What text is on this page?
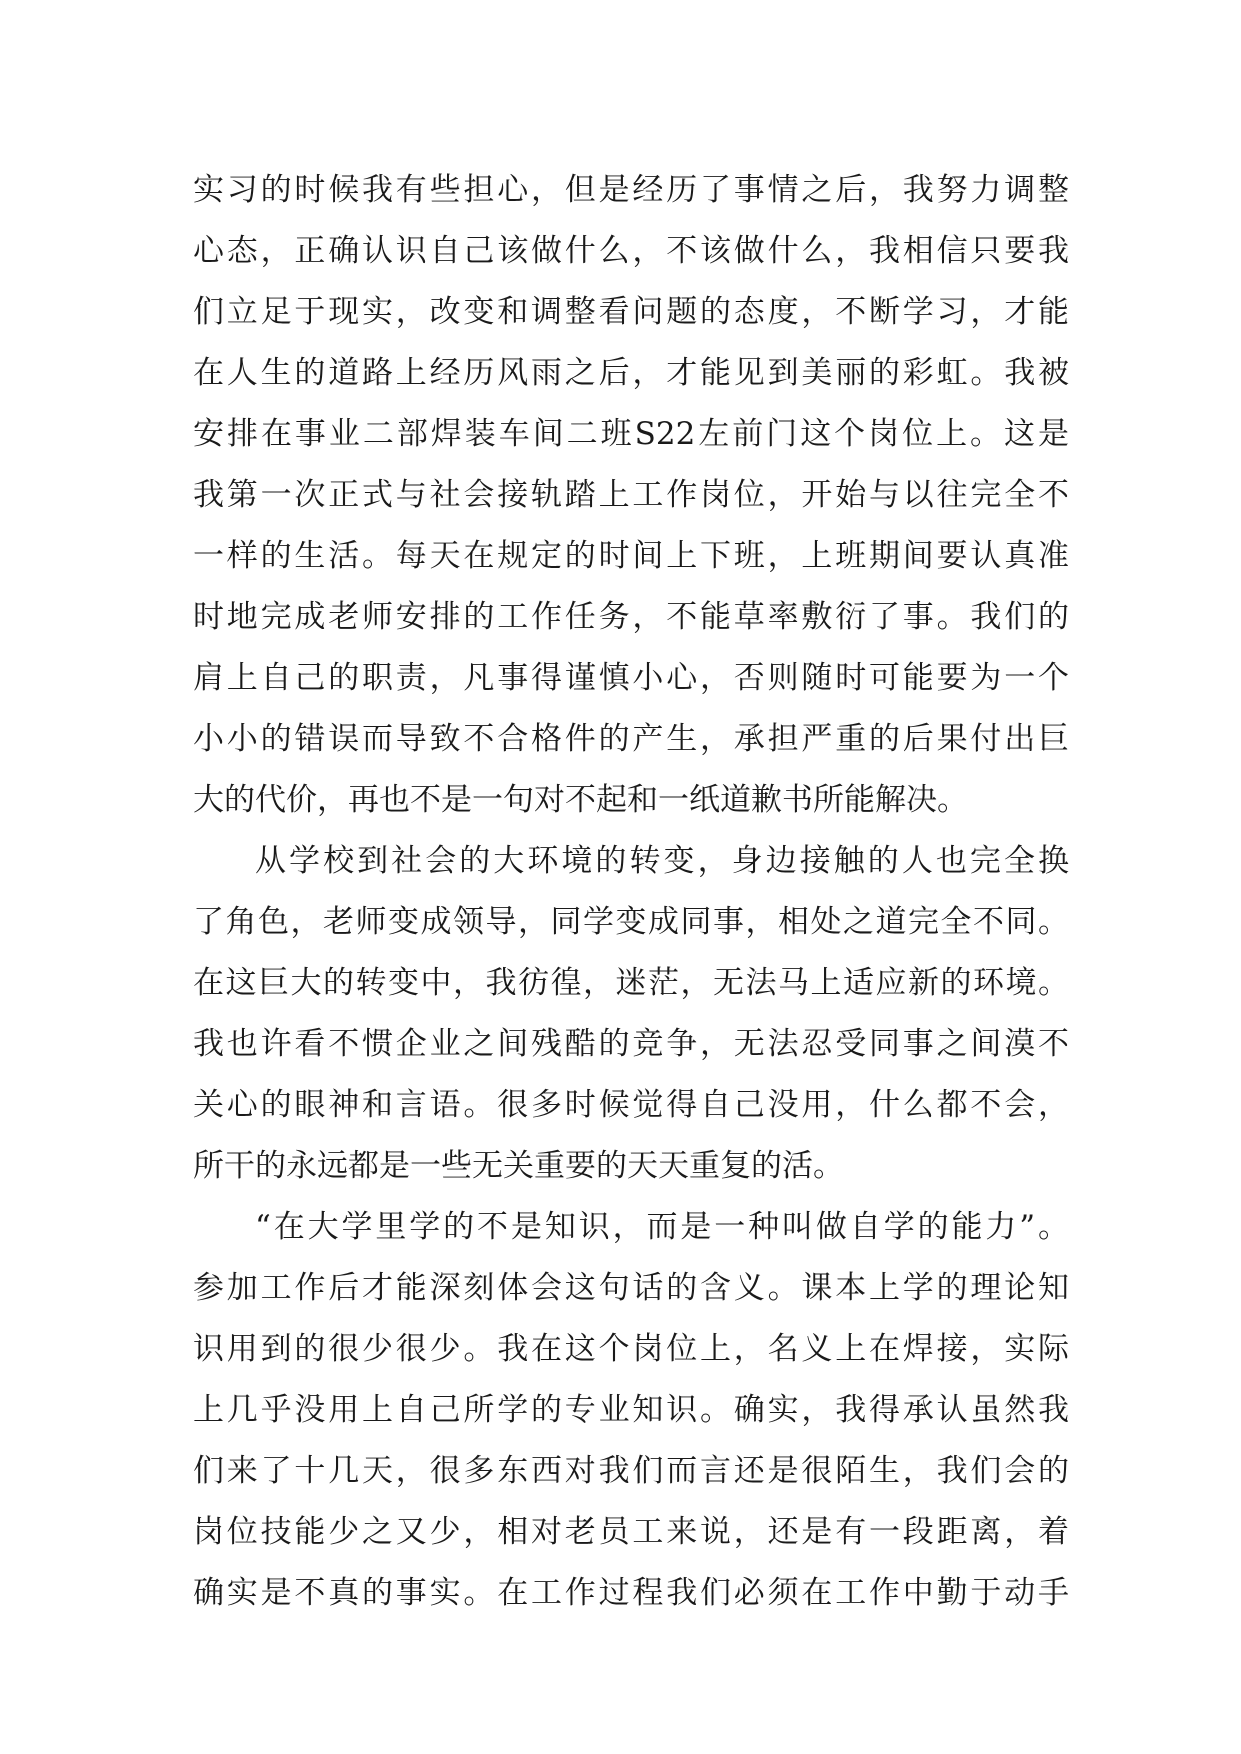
实习的时候我有些担心，但是经历了事情之后，我努力调整
心态，正确认识自己该做什么，不该做什么，我相信只要我
们立足于现实，改变和调整看问题的态度，不断学习，才能
在人生的道路上经历风雨之后，才能见到美丽的彩虹。我被
安排在事业二部焊装车间二班S22左前门这个岗位上。这是
我第一次正式与社会接轨踏上工作岗位，开始与以往完全不
一样的生活。每天在规定的时间上下班，上班期间要认真准
时地完成老师安排的工作任务，不能草率敷衍了事。我们的
肩上自己的职责，凡事得谨慎小心，否则随时可能要为一个
小小的错误而导致不合格件的产生，承担严重的后果付出巨
大的代价，再也不是一句对不起和一纸道歉书所能解决。
从学校到社会的大环境的转变，身边接触的人也完全换
了角色，老师变成领导，同学变成同事，相处之道完全不同。
在这巨大的转变中，我彷徨，迷茫，无法马上适应新的环境。
我也许看不惯企业之间残酷的竞争，无法忍受同事之间漠不
关心的眼神和言语。很多时候觉得自己没用，什么都不会，
所干的永远都是一些无关重要的天天重复的活。
“在大学里学的不是知识，而是一种叫做自学的能力”。
参加工作后才能深刻体会这句话的含义。课本上学的理论知
识用到的很少很少。我在这个岗位上，名义上在焊接，实际
上几乎没用上自己所学的专业知识。确实，我得承认虽然我
们来了十几天，很多东西对我们而言还是很陌生，我们会的
岗位技能少之又少，相对老员工来说，还是有一段距离，着
确实是不真的事实。在工作过程我们必须在工作中勤于动手
